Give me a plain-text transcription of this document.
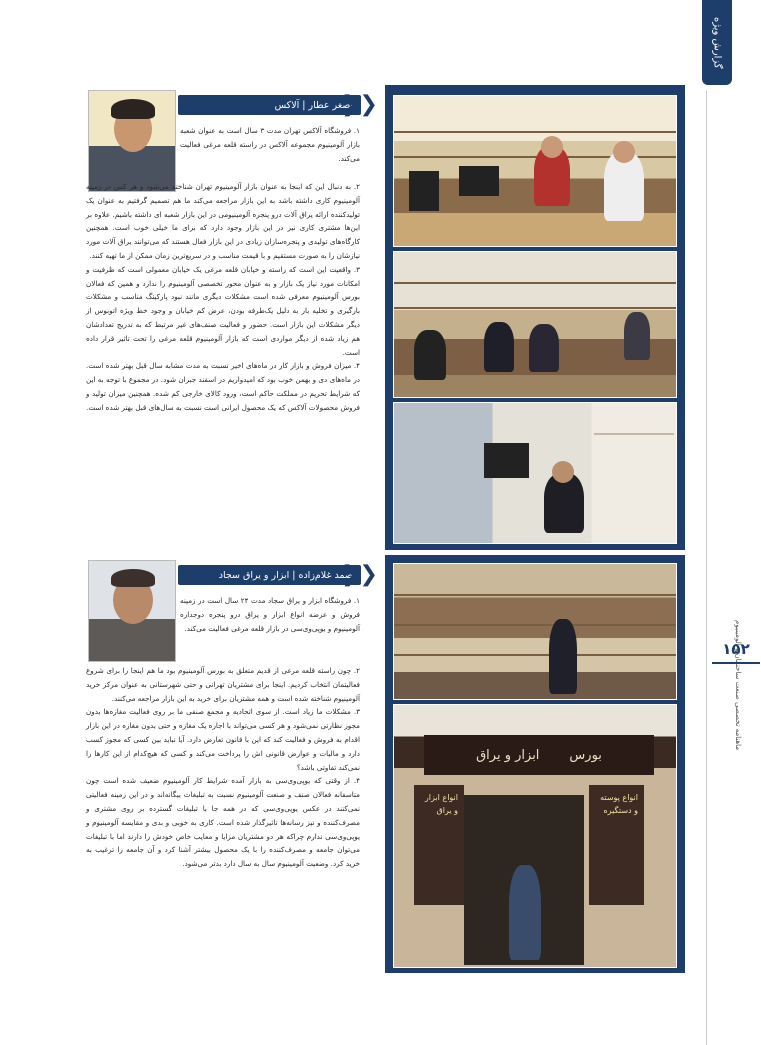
گزارش ویژه
ماهنامه تخصصی صنعت ساختمان و آلومینیوم
۱۵۲
بورس
ابزار و یراق
انواع ابزار و یراق
انواع پوسته و دستگیره
اصغر عطار | آلاکس
❮❮
۱. فروشگاه آلاکس تهران مدت ۳ سال است به عنوان شعبه بازار آلومینیوم مجموعه آلاکس در راسته قلعه مرغی فعالیت می‌کند.

۲. به دنبال این که اینجا به عنوان بازار آلومینیوم تهران شناخته می‌شود و هر کس در زمینه آلومینیوم کاری داشته باشد به این بازار مراجعه می‌کند ما هم تصمیم گرفتیم به عنوان یک تولیدکننده ارائه یراق آلات درو پنجره آلومینیومی در این بازار شعبه ای داشته باشیم. علاوه بر این‌ها مشتری کاری نیز در این بازار وجود دارد که برای ما خیلی خوب است. همچنین کارگاه‌های تولیدی و پنجره‌سازان زیادی در این بازار فعال هستند که می‌توانند یراق آلات مورد نیازشان را به صورت مستقیم و با قیمت مناسب و در سریع‌ترین زمان ممکن از ما تهیه کنند.

۳. واقعیت این است که راسته و خیابان قلعه مرغی یک خیابان معمولی است که ظرفیت و امکانات مورد نیاز یک بازار و به عنوان محور تخصصی آلومینیوم را ندارد و همین که فعالان بورس آلومینیوم معرفی شده است مشکلات دیگری مانند نبود پارکینگ مناسب و مشکلات بارگیری و تخلیه بار به دلیل یک‌طرفه بودن، عرض کم خیابان و وجود خط ویژه اتوبوس از دیگر مشکلات این بازار است. حضور و فعالیت صنف‌های غیر مرتبط که به تدریج تعدادشان هم زیاد شده از دیگر مواردی است که بازار آلومینیوم قلعه مرغی را تحت تاثیر قرار داده است.

۴. میزان فروش و بازار کار در ماه‌های اخیر نسبت به مدت مشابه سال قبل بهتر شده است. در ماه‌های دی و بهمن خوب بود که امیدواریم در اسفند جبران شود. در مجموع با توجه به این که شرایط تحریم در مملکت حاکم است، ورود کالای خارجی کم شده. همچنین میزان تولید و فروش محصولات آلاکس که یک محصول ایرانی است نسبت به سال‌های قبل بهتر شده است.

صمد غلام‌زاده | ابزار و یراق سجاد
❮❮
۱. فروشگاه ابزار و یراق سجاد مدت ۲۴ سال است در زمینه فروش و عرضه انواع ابزار و یراق درو پنجره دوجداره آلومینیوم و یوپی‌وی‌سی در بازار قلعه مرغی فعالیت می‌کند.

۲. چون راسته قلعه مرغی از قدیم متعلق به بورس آلومینیوم بود ما هم اینجا را برای شروع فعالیتمان انتخاب کردیم. اینجا برای مشتریان تهرانی و حتی شهرستانی به عنوان مرکز خرید آلومینیوم شناخته شده است و همه مشتریان برای خرید به این بازار مراجعه می‌کنند.

۳. مشکلات ما زیاد است. از سوی اتحادیه و مجمع صنفی ما بر روی فعالیت مغازه‌ها بدون مجوز نظارتی نمی‌شود و هر کسی می‌تواند با اجاره یک مغازه و حتی بدون مغازه در این بازار اقدام به فروش و فعالیت کند که این با قانون تعارض دارد. آیا نباید بین کسی که مجوز کسب دارد و مالیات و عوارض قانونی اش را پرداخت می‌کند و کسی که هیچ‌کدام از این کارها را نمی‌کند تفاوتی باشد؟

۴. از وقتی که یوپی‌وی‌سی به بازار آمده شرایط کار آلومینیوم ضعیف شده است چون متاسفانه فعالان صنف و صنعت آلومینیوم نسبت به تبلیغات بیگانه‌اند و در این زمینه فعالیتی نمی‌کنند در عکس یوپی‌وی‌سی که در همه جا با تبلیغات گسترده بر روی مشتری و مصرف‌کننده و نیز رسانه‌ها تاثیرگذار شده است. کاری به خوبی و بدی و مقایسه آلومینیوم و یوپی‌وی‌سی ندارم چراکه هر دو مشتریان مزایا و معایب خاص خودش را دارند اما با تبلیغات می‌توان جامعه و مصرف‌کننده را با یک محصول بیشتر آشنا کرد و آن جامعه را ترغیب به خرید کرد. وضعیت آلومینیوم سال به سال دارد بدتر می‌شود.
